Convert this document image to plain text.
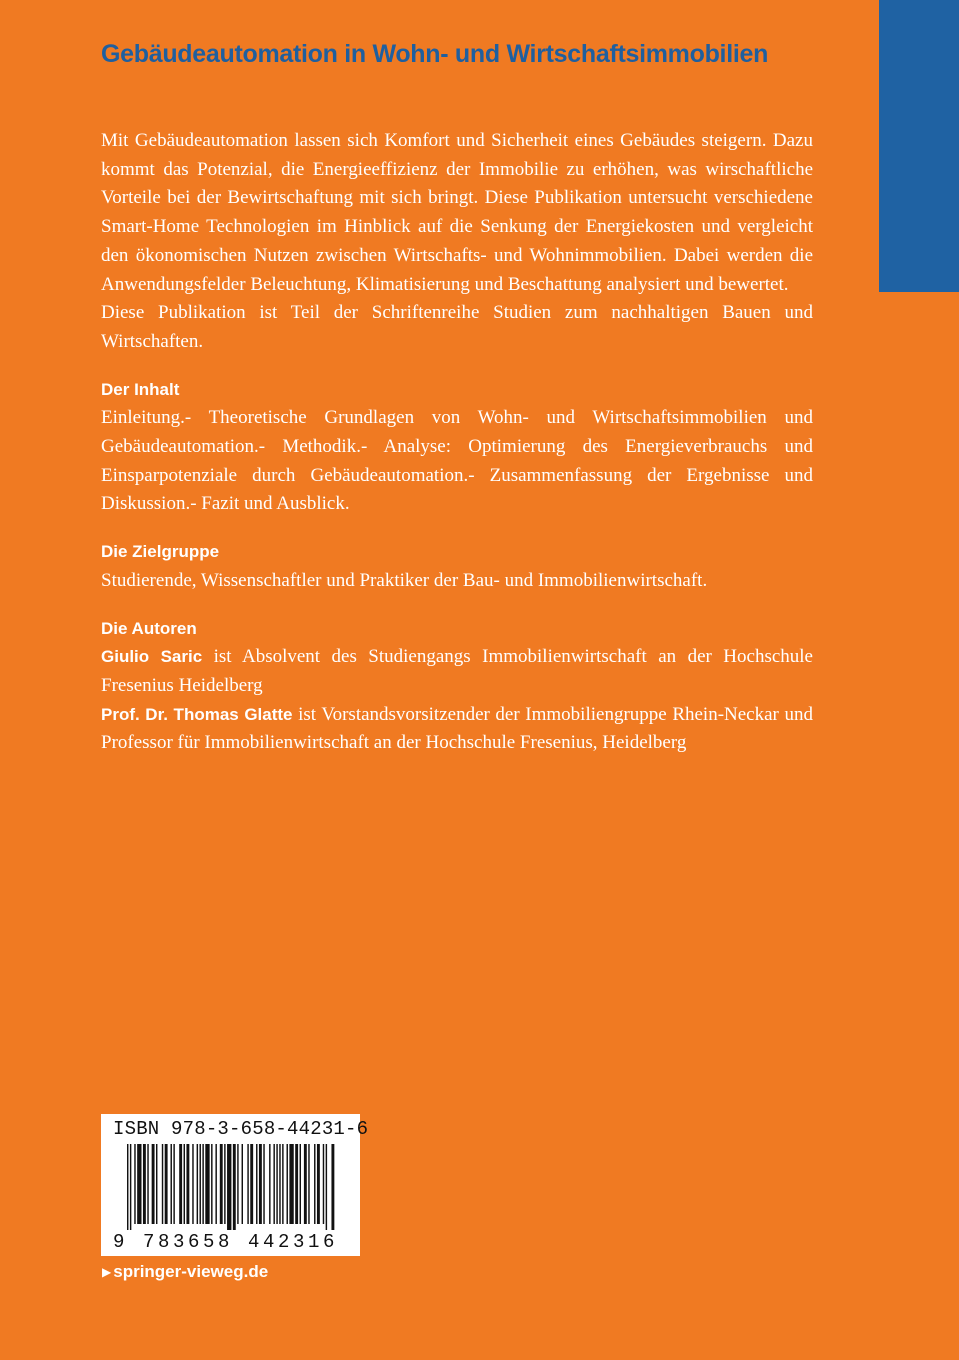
Gebäudeautomation in Wohn- und Wirtschaftsimmobilien

Mit Gebäudeautomation lassen sich Komfort und Sicherheit eines Gebäudes steigern. Dazu kommt das Potenzial, die Energieeffizienz der Immobilie zu erhöhen, was wirschaftliche Vorteile bei der Bewirtschaftung mit sich bringt. Diese Publikation untersucht verschiedene Smart-Home Technologien im Hinblick auf die Senkung der Energiekosten und vergleicht den ökonomischen Nutzen zwischen Wirtschafts- und Wohnimmobilien. Dabei werden die Anwendungsfelder Beleuchtung, Klimatisierung und Beschattung analysiert und bewertet.

Diese Publikation ist Teil der Schriftenreihe Studien zum nachhaltigen Bauen und Wirtschaften.

Der Inhalt

Einleitung.- Theoretische Grundlagen von Wohn- und Wirtschaftsimmobilien und Gebäudeautomation.- Methodik.- Analyse: Optimierung des Energieverbrauchs und Einsparpotenziale durch Gebäudeautomation.- Zusammenfassung der Ergebnisse und Diskussion.- Fazit und Ausblick.

Die Zielgruppe

Studierende, Wissenschaftler und Praktiker der Bau- und Immobilienwirtschaft.

Die Autoren

Giulio Saric ist Absolvent des Studiengangs Immobilienwirtschaft an der Hochschule Fresenius Heidelberg

Prof. Dr. Thomas Glatte ist Vorstandsvorsitzender der Immobiliengruppe Rhein-Neckar und Professor für Immobilienwirtschaft an der Hochschule Fresenius, Heidelberg

ISBN 978-3-658-44231-6
9 783658 442316
▶ springer-vieweg.de
